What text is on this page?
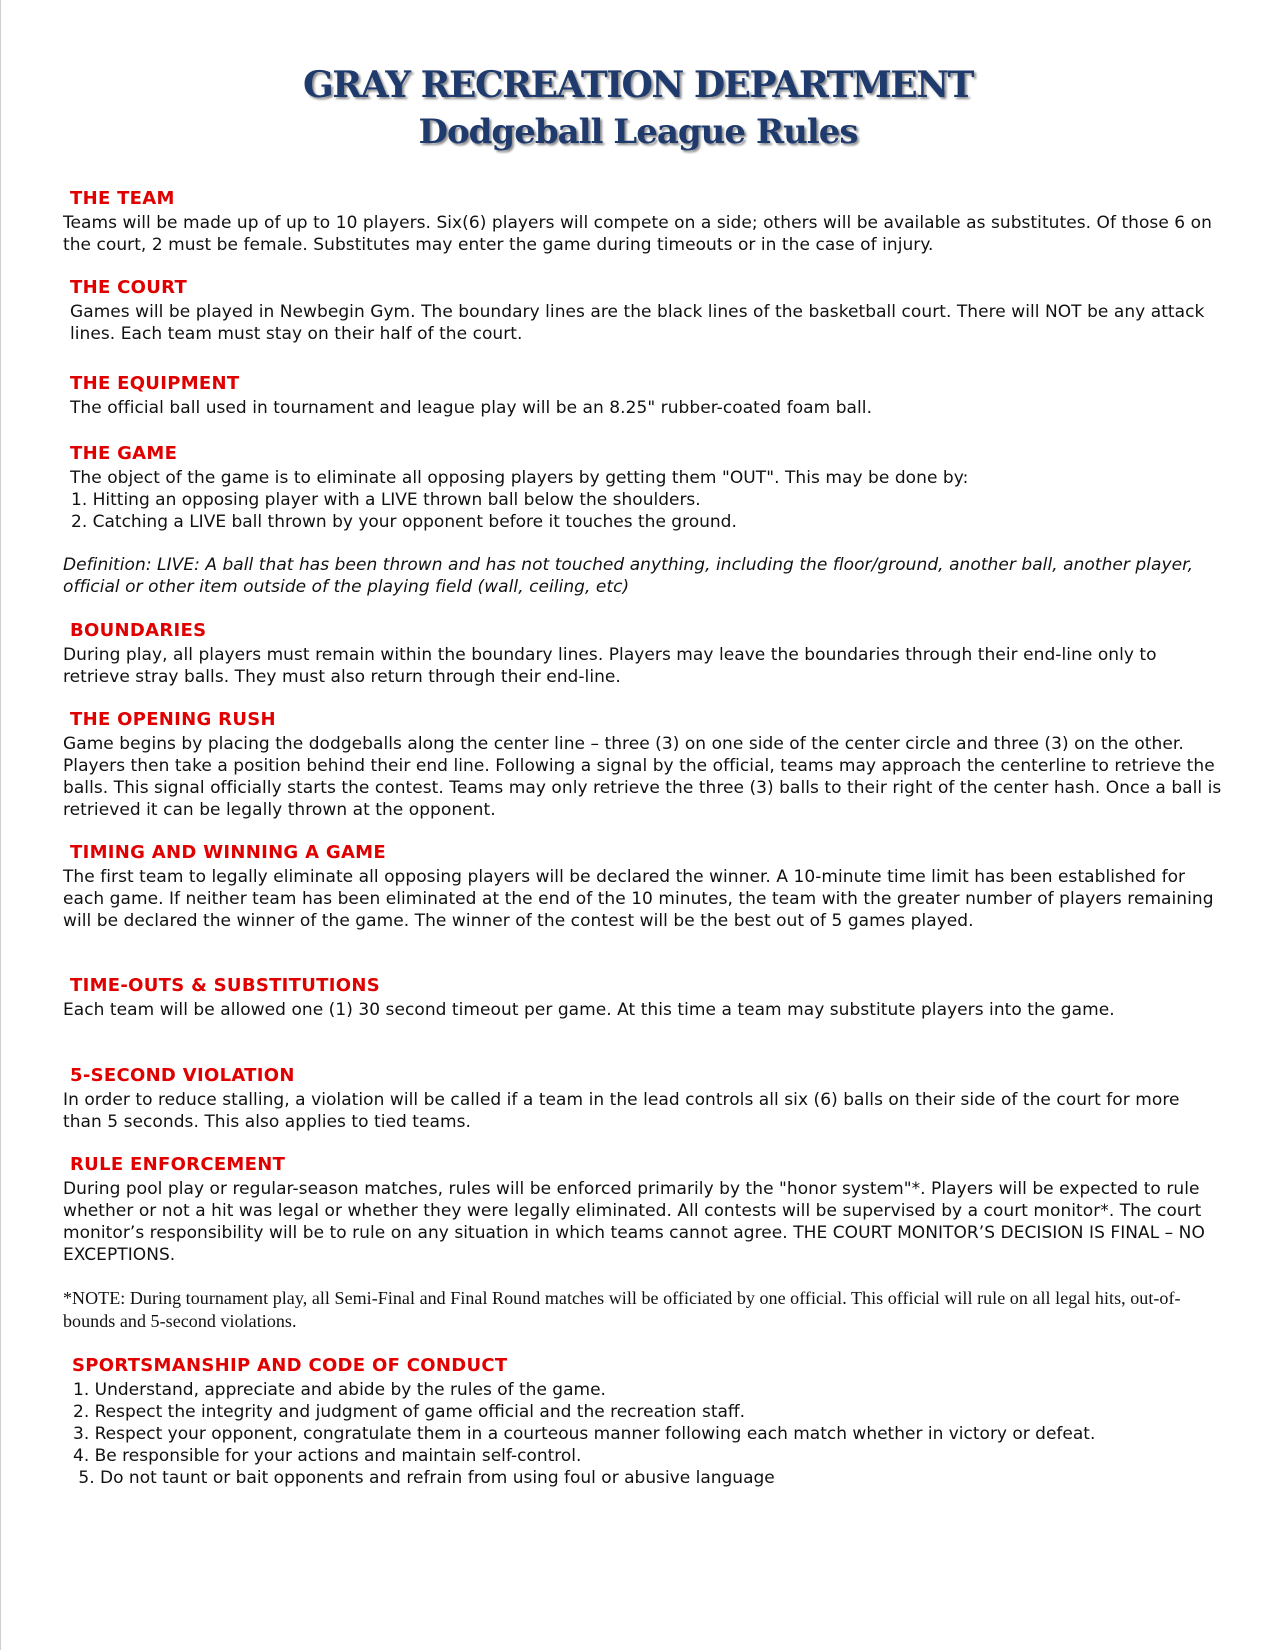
GRAY RECREATION DEPARTMENT
Dodgeball League Rules
THE TEAM

Teams will be made up of up to 10 players. Six(6) players will compete on a side; others will be available as substitutes. Of those 6 on the court, 2 must be female. Substitutes may enter the game during timeouts or in the case of injury.

THE COURT

Games will be played in Newbegin Gym. The boundary lines are the black lines of the basketball court. There will NOT be any attack lines. Each team must stay on their half of the court.

THE EQUIPMENT

The official ball used in tournament and league play will be an 8.25" rubber-coated foam ball.

THE GAME

The object of the game is to eliminate all opposing players by getting them "OUT". This may be done by:

1. Hitting an opposing player with a LIVE thrown ball below the shoulders.
2. Catching a LIVE ball thrown by your opponent before it touches the ground.

Definition: LIVE: A ball that has been thrown and has not touched anything, including the floor/ground, another ball, another player, official or other item outside of the playing field (wall, ceiling, etc)

BOUNDARIES

During play, all players must remain within the boundary lines. Players may leave the boundaries through their end-line only to retrieve stray balls. They must also return through their end-line.

THE OPENING RUSH

Game begins by placing the dodgeballs along the center line – three (3) on one side of the center circle and three (3) on the other. Players then take a position behind their end line. Following a signal by the official, teams may approach the centerline to retrieve the balls. This signal officially starts the contest. Teams may only retrieve the three (3) balls to their right of the center hash. Once a ball is retrieved it can be legally thrown at the opponent.

TIMING AND WINNING A GAME

The first team to legally eliminate all opposing players will be declared the winner. A 10-minute time limit has been established for each game. If neither team has been eliminated at the end of the 10 minutes, the team with the greater number of players remaining will be declared the winner of the game. The winner of the contest will be the best out of 5 games played.

TIME-OUTS & SUBSTITUTIONS

Each team will be allowed one (1) 30 second timeout per game. At this time a team may substitute players into the game.

5-SECOND VIOLATION

In order to reduce stalling, a violation will be called if a team in the lead controls all six (6) balls on their side of the court for more than 5 seconds. This also applies to tied teams.

RULE ENFORCEMENT

During pool play or regular-season matches, rules will be enforced primarily by the "honor system"*. Players will be expected to rule whether or not a hit was legal or whether they were legally eliminated. All contests will be supervised by a court monitor*. The court monitor’s responsibility will be to rule on any situation in which teams cannot agree. THE COURT MONITOR’S DECISION IS FINAL – NO EXCEPTIONS.

*NOTE: During tournament play, all Semi-Final and Final Round matches will be officiated by one official. This official will rule on all legal hits, out-of-bounds and 5-second violations.

SPORTSMANSHIP AND CODE OF CONDUCT
1. Understand, appreciate and abide by the rules of the game.
2. Respect the integrity and judgment of game official and the recreation staff.
3. Respect your opponent, congratulate them in a courteous manner following each match whether in victory or defeat.
4. Be responsible for your actions and maintain self-control.
5. Do not taunt or bait opponents and refrain from using foul or abusive language
